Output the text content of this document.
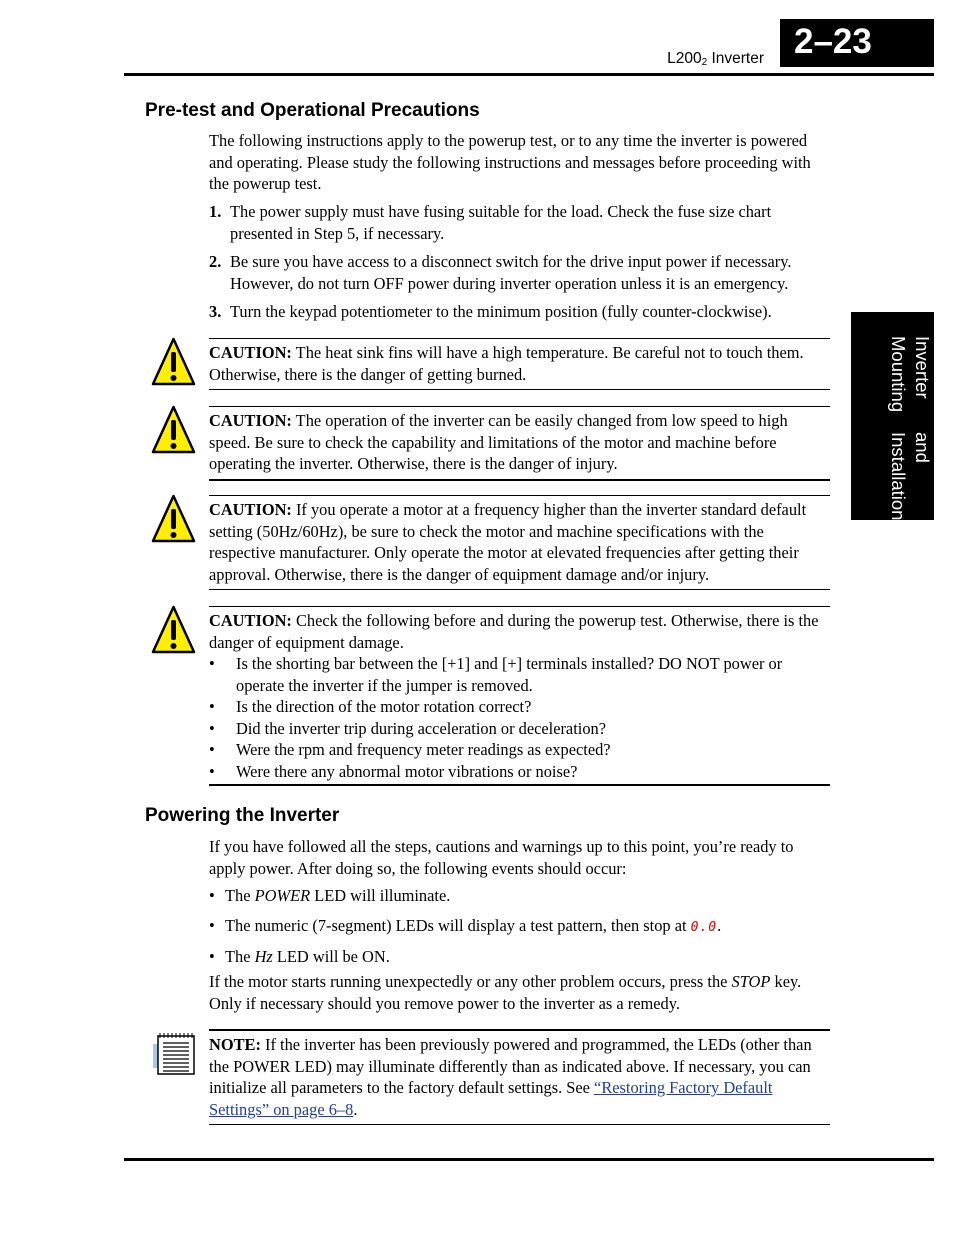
$L200_2$ Inverter 2–23
Inverter Mounting
and Installation
Pre-test and Operational Precautions
The following instructions apply to the powerup test, or to any time the inverter is powered and operating. Please study the following instructions and messages before proceeding with the powerup test.
1. The power supply must have fusing suitable for the load. Check the fuse size chart presented in Step 5, if necessary.
2. Be sure you have access to a disconnect switch for the drive input power if necessary. However, do not turn OFF power during inverter operation unless it is an emergency.
3. Turn the keypad potentiometer to the minimum position (fully counter-clockwise).
CAUTION: The heat sink fins will have a high temperature. Be careful not to touch them. Otherwise, there is the danger of getting burned.
CAUTION: The operation of the inverter can be easily changed from low speed to high speed. Be sure to check the capability and limitations of the motor and machine before operating the inverter. Otherwise, there is the danger of injury.
CAUTION: If you operate a motor at a frequency higher than the inverter standard default setting (50Hz/60Hz), be sure to check the motor and machine specifications with the respective manufacturer. Only operate the motor at elevated frequencies after getting their approval. Otherwise, there is the danger of equipment damage and/or injury.
CAUTION: Check the following before and during the powerup test. Otherwise, there is the danger of equipment damage.
• Is the shorting bar between the [+1] and [+] terminals installed? DO NOT power or operate the inverter if the jumper is removed.
• Is the direction of the motor rotation correct?
• Did the inverter trip during acceleration or deceleration?
• Were the rpm and frequency meter readings as expected?
• Were there any abnormal motor vibrations or noise?
Powering the Inverter
If you have followed all the steps, cautions and warnings up to this point, you’re ready to apply power. After doing so, the following events should occur:
• The POWER LED will illuminate.
• The numeric (7-segment) LEDs will display a test pattern, then stop at 0.0.
• The Hz LED will be ON.
If the motor starts running unexpectedly or any other problem occurs, press the STOP key. Only if necessary should you remove power to the inverter as a remedy.
NOTE: If the inverter has been previously powered and programmed, the LEDs (other than the POWER LED) may illuminate differently than as indicated above. If necessary, you can initialize all parameters to the factory default settings. See “Restoring Factory Default Settings” on page 6–8.
